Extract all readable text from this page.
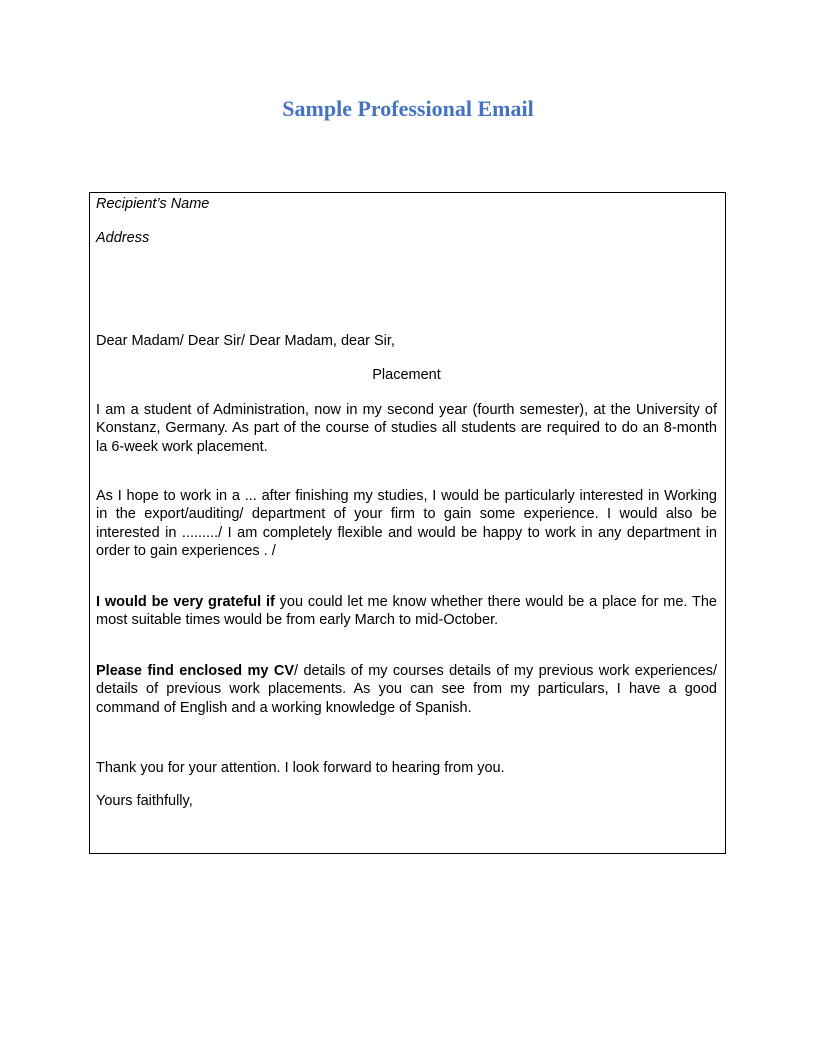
Sample Professional Email

Recipient’s Name

Address

Dear Madam/ Dear Sir/ Dear Madam, dear Sir,

Placement

I am a student of Administration, now in my second year (fourth semester), at the University of Konstanz, Germany. As part of the course of studies all students are required to do an 8-month la 6-week work placement.

As I hope to work in a ... after finishing my studies, I would be particularly interested in Working in the export/auditing/ department of your firm to gain some experience. I would also be interested in ........./ I am completely flexible and would be happy to work in any department in order to gain experiences . /

I would be very grateful if you could let me know whether there would be a place for me. The most suitable times would be from early March to mid-October.

Please find enclosed my CV/ details of my courses details of my previous work experiences/ details of previous work placements. As you can see from my particulars, I have a good command of English and a working knowledge of Spanish.

Thank you for your attention. I look forward to hearing from you.

Yours faithfully,
